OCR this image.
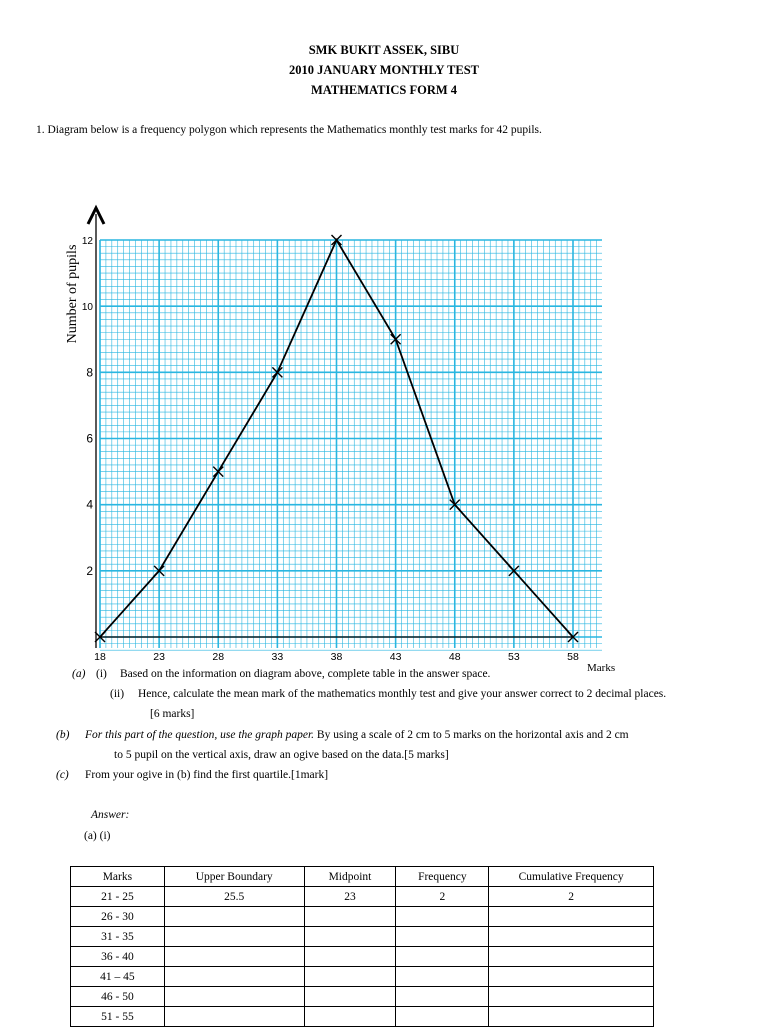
SMK BUKIT ASSEK, SIBU
2010 JANUARY MONTHLY TEST
MATHEMATICS FORM 4
1. Diagram below is a frequency polygon which represents the Mathematics monthly test marks for 42 pupils.
2
4
6
8
10
12
18	23	28	33	38	43	48	53	58
Number of pupils
Marks
(a) (i) Based on the information on diagram above, complete table in the answer space.
(ii) Hence, calculate the mean mark of the mathematics monthly test and give your answer correct to 2 decimal places.
[6 marks]
(b) For this part of the question, use the graph paper. By using a scale of 2 cm to 5 marks on the horizontal axis and 2 cm
to 5 pupil on the vertical axis, draw an ogive based on the data.[5 marks]
(c) From your ogive in (b) find the first quartile.[1mark]
Answer:
(a) (i)
Marks	Upper Boundary	Midpoint	Frequency	Cumulative Frequency
21 - 25	25.5	23	2	2
26 - 30				
31 - 35				
36 - 40				
41 – 45				
46 - 50				
51 - 55				
